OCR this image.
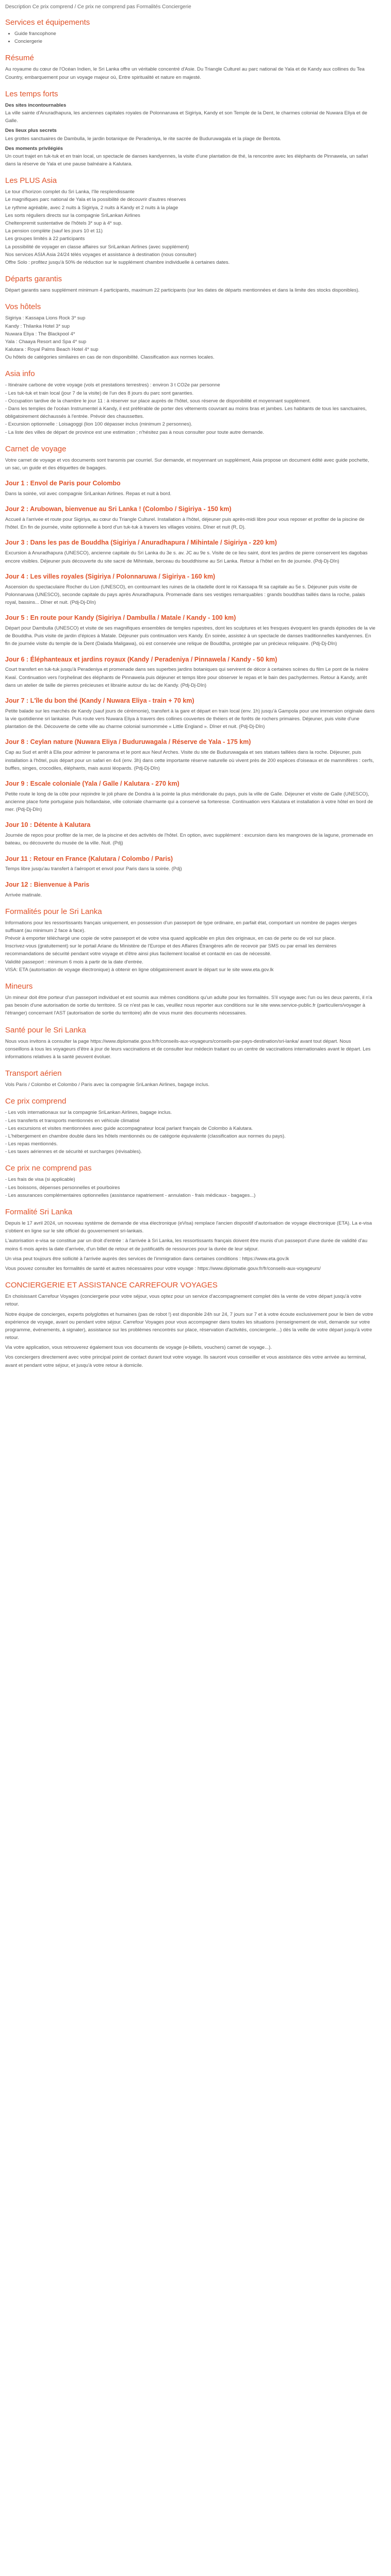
Description Ce prix comprend / Ce prix ne comprend pas Formalités Conciergerie
Services et équipements
• Guide francophone
• Conciergerie
Résumé

Au royaume du cœur de l'Océan Indien, le Sri Lanka offre un véritable concentré d'Asie. Du Triangle Culturel au parc national de Yala et de Kandy aux collines du Tea Country, embarquement pour un voyage majeur où, Entre spiritualité et nature en majesté.

Les temps forts

Des sites incontournables
La ville sainte d'Anuradhapura, les anciennes capitales royales de Polonnaruwa et Sigiriya, Kandy et son Temple de la Dent, le charmes colonial de Nuwara Eliya et de Galle.

Des lieux plus secrets
Les grottes sanctuaires de Dambulla, le jardin botanique de Peradeniya, le rite sacrée de Buduruwagala et la plage de Bentota.

Des moments privilégiés
Un court trajet en tuk-tuk et en train local, un spectacle de danses kandyennes, la visite d'une plantation de thé, la rencontre avec les éléphants de Pinnawela, un safari dans la réserve de Yala et une pause balnéaire à Kalutara.

Les PLUS Asia

Le tour d'horizon complet du Sri Lanka, l'île resplendissante

Le magnifiques parc national de Yala et la possibilité de découvrir d'autres réserves

Le rythme agréable, avec 2 nuits à Sigiriya, 2 nuits à Kandy et 2 nuits à la plage

Les sorts réguliers directs sur la compagnie SriLankan Airlines

Cheltenpremit sustentative de l'hôtels 3* sup à 4* sup.

La pension complète (sauf les jours 10 et 11)

Les groupes limités à 22 participants

La possibilité de voyager en classe affaires sur SriLankan Airlines (avec supplément)

Nos services ASIA Asia 24/24 télés voyages et assistance à destination (nous consulter)

Offre Solo : profitez jusqu'à 50% de réduction sur le supplément chambre individuelle à certaines dates.

Départs garantis

Départ garantis sans supplément minimum 4 participants, maximum 22 participants (sur les dates de départs mentionnées et dans la limite des stocks disponibles).

Vos hôtels

Sigiriya : Kassapa Lions Rock 3* sup

Kandy : Thilanka Hotel 3* sup

Nuwara Eliya : The Blackpool 4*

Yala : Chaaya Resort and Spa 4* sup

Kalutara : Royal Palms Beach Hotel 4* sup

Ou hôtels de catégories similaires en cas de non disponibilité. Classification aux normes locales.

Asia info

- Itinéraire carbone de votre voyage (vols et prestations terrestres) : environ 3 t CO2e par personne

- Les tuk-tuk et train local (jour 7 de la visite) de l'un des 8 jours du parc sont garanties.

- Occupation tardive de la chambre le jour 11 : à réserver sur place auprès de l'hôtel, sous réserve de disponibilité et moyennant supplément.

- Dans les temples de l'océan Instrumentel à Kandy, il est préférable de porter des vêtements couvrant au moins bras et jambes. Les habitants de tous les sanctuaires, obligatoirement déchaussés à l'entrée. Prévoir des chaussettes.

- Excursion optionnelle : Loisagoggi (lion 100 dépasser inclus (minimum 2 personnes).

- La liste des villes de départ de province est une estimation ; n'hésitez pas à nous consulter pour toute autre demande.

Carnet de voyage

Votre carnet de voyage et vos documents sont transmis par courriel. Sur demande, et moyennant un supplément, Asia propose un document édité avec guide pochette, un sac, un guide et des étiquettes de bagages.

Jour 1 : Envol de Paris pour Colombo

Dans la soirée, vol avec compagnie SriLankan Airlines. Repas et nuit à bord.

Jour 2 : Arubowan, bienvenue au Sri Lanka ! (Colombo / Sigiriya - 150 km)

Accueil à l'arrivée et route pour Sigiriya, au cœur du Triangle Culturel. Installation à l'hôtel, déjeuner puis après-midi libre pour vous reposer et profiter de la piscine de l'hôtel. En fin de journée, visite optionnelle à bord d'un tuk-tuk à travers les villages voisins. Dîner et nuit (R, D).

Jour 3 : Dans les pas de Bouddha (Sigiriya / Anuradhapura / Mihintale / Sigiriya - 220 km)

Excursion à Anuradhapura (UNESCO), ancienne capitale du Sri Lanka du 3e s. av. JC au 9e s. Visite de ce lieu saint, dont les jardins de pierre conservent les dagobas encore visibles. Déjeuner puis découverte du site sacré de Mihintale, berceau du bouddhisme au Sri Lanka. Retour à l'hôtel en fin de journée. (Pdj-Dj-Dîn)

Jour 4 : Les villes royales (Sigiriya / Polonnaruwa / Sigiriya - 160 km)

Ascension du spectaculaire Rocher du Lion (UNESCO), en contournant les ruines de la citadelle dont le roi Kassapa fit sa capitale au 5e s. Déjeuner puis visite de Polonnaruwa (UNESCO), seconde capitale du pays après Anuradhapura. Promenade dans ses vestiges remarquables : grands bouddhas taillés dans la roche, palais royal, bassins... Dîner et nuit. (Pdj-Dj-Dîn)

Jour 5 : En route pour Kandy (Sigiriya / Dambulla / Matale / Kandy - 100 km)

Départ pour Dambulla (UNESCO) et visite de ses magnifiques ensembles de temples rupestres, dont les sculptures et les fresques évoquent les grands épisodes de la vie de Bouddha. Puis visite de jardin d'épices à Matale. Déjeuner puis continuation vers Kandy. En soirée, assistez à un spectacle de danses traditionnelles kandyennes. En fin de journée visite du temple de la Dent (Dalada Maligawa), où est conservée une relique de Bouddha, protégée par un précieux reliquaire. (Pdj-Dj-Dîn)

Jour 6 : Éléphanteaux et jardins royaux (Kandy / Peradeniya / Pinnawela / Kandy - 50 km)

Court transfert en tuk-tuk jusqu'à Peradeniya et promenade dans ses superbes jardins botaniques qui servirent de décor à certaines scènes du film Le pont de la rivière Kwaï. Continuation vers l'orphelinat des éléphants de Pinnawela puis déjeuner et temps libre pour observer le repas et le bain des pachydermes. Retour à Kandy, arrêt dans un atelier de taille de pierres précieuses et librairie autour du lac de Kandy. (Pdj-Dj-Dîn)

Jour 7 : L'île du bon thé (Kandy / Nuwara Eliya - train + 70 km)

Petite balade sur les marchés de Kandy (sauf jours de cérémonie), transfert à la gare et départ en train local (env. 1h) jusqu'à Gampola pour une immersion originale dans la vie quotidienne sri lankaise. Puis route vers Nuwara Eliya à travers des collines couvertes de théiers et de forêts de rochers primaires. Déjeuner, puis visite d'une plantation de thé. Découverte de cette ville au charme colonial surnommée « Little England ». Dîner et nuit. (Pdj-Dj-Dîn)

Jour 8 : Ceylan nature (Nuwara Eliya / Buduruwagala / Réserve de Yala - 175 km)

Cap au Sud et arrêt à Ella pour admirer le panorama et le pont aux Neuf Arches. Visite du site de Buduruwagala et ses statues taillées dans la roche. Déjeuner, puis installation à l'hôtel, puis départ pour un safari en 4x4 (env. 3h) dans cette importante réserve naturelle où vivent près de 200 espèces d'oiseaux et de mammifères : cerfs, buffles, singes, crocodiles, éléphants, mais aussi léopards. (Pdj-Dj-Dîn)

Jour 9 : Escale coloniale (Yala / Galle / Kalutara - 270 km)

Petite route le long de la côte pour rejoindre le joli phare de Dondra à la pointe la plus méridionale du pays, puis la ville de Galle. Déjeuner et visite de Galle (UNESCO), ancienne place forte portugaise puis hollandaise, ville coloniale charmante qui a conservé sa forteresse. Continuation vers Kalutara et installation à votre hôtel en bord de mer. (Pdj-Dj-Dîn)

Jour 10 : Détente à Kalutara

Journée de repos pour profiter de la mer, de la piscine et des activités de l'hôtel. En option, avec supplément : excursion dans les mangroves de la lagune, promenade en bateau, ou découverte du musée de la ville. Nuit. (Pdj)

Jour 11 : Retour en France (Kalutara / Colombo / Paris)

Temps libre jusqu'au transfert à l'aéroport et envol pour Paris dans la soirée. (Pdj)

Jour 12 : Bienvenue à Paris

Arrivée matinale.

Formalités pour le Sri Lanka

Informations pour les ressortissants français uniquement, en possession d'un passeport de type ordinaire, en parfait état, comportant un nombre de pages vierges suffisant (au minimum 2 face à face).

Prévoir à emporter téléchargé une copie de votre passeport et de votre visa quand applicable en plus des originaux, en cas de perte ou de vol sur place.

Inscrivez-vous (gratuitement) sur le portail Ariane du Ministère de l'Europe et des Affaires Étrangères afin de recevoir par SMS ou par email les dernières recommandations de sécurité pendant votre voyage et d'être ainsi plus facilement localisé et contacté en cas de nécessité.

Validité passeport : minimum 6 mois à partir de la date d'entrée.

VISA: ETA (autorisation de voyage électronique) à obtenir en ligne obligatoirement avant le départ sur le site www.eta.gov.lk

Mineurs

Un mineur doit être porteur d'un passeport individuel et est soumis aux mêmes conditions qu'un adulte pour les formalités. S'il voyage avec l'un ou les deux parents, il n'a pas besoin d'une autorisation de sortie du territoire. Si ce n'est pas le cas, veuillez nous reporter aux conditions sur le site www.service-public.fr (particuliers/voyager à l'étranger) concernant l'AST (autorisation de sortie du territoire) afin de vous munir des documents nécessaires.

Santé pour le Sri Lanka

Nous vous invitons à consulter la page https://www.diplomatie.gouv.fr/fr/conseils-aux-voyageurs/conseils-par-pays-destination/sri-lanka/ avant tout départ. Nous conseillons à tous les voyageurs d'être à jour de leurs vaccinations et de consulter leur médecin traitant ou un centre de vaccinations internationales avant le départ. Les informations relatives à la santé peuvent évoluer.

Transport aérien

Vols Paris / Colombo et Colombo / Paris avec la compagnie SriLankan Airlines, bagage inclus.

Ce prix comprend

- Les vols internationaux sur la compagnie SriLankan Airlines, bagage inclus.

- Les transferts et transports mentionnés en véhicule climatisé

- Les excursions et visites mentionnées avec guide accompagnateur local parlant français de Colombo à Kalutara.

- L'hébergement en chambre double dans les hôtels mentionnés ou de catégorie équivalente (classification aux normes du pays).

- Les repas mentionnés.

- Les taxes aériennes et de sécurité et surcharges (révisables).

Ce prix ne comprend pas

- Les frais de visa (si applicable)

- Les boissons, dépenses personnelles et pourboires

- Les assurances complémentaires optionnelles (assistance rapatriement - annulation - frais médicaux - bagages...)

Formalité Sri Lanka

Depuis le 17 avril 2024, un nouveau système de demande de visa électronique (eVisa) remplace l'ancien dispositif d'autorisation de voyage électronique (ETA). La e-visa s'obtient en ligne sur le site officiel du gouvernement sri-lankais.

L'autorisation e-visa se constitue par un droit d'entrée : à l'arrivée à Sri Lanka, les ressortissants français doivent être munis d'un passeport d'une durée de validité d'au moins 6 mois après la date d'arrivée, d'un billet de retour et de justificatifs de ressources pour la durée de leur séjour.

Un visa peut toujours être sollicité à l'arrivée auprès des services de l'immigration dans certaines conditions : https://www.eta.gov.lk

Vous pouvez consulter les formalités de santé et autres nécessaires pour votre voyage : https://www.diplomatie.gouv.fr/fr/conseils-aux-voyageurs/

CONCIERGERIE ET ASSISTANCE CARREFOUR VOYAGES

En choisissant Carrefour Voyages (conciergerie pour votre séjour, vous optez pour un service d'accompagnement complet dès la vente de votre départ jusqu'à votre retour.

Notre équipe de concierges, experts polyglottes et humaines (pas de robot !) est disponible 24h sur 24, 7 jours sur 7 et à votre écoute exclusivement pour le bien de votre expérience de voyage, avant ou pendant votre séjour. Carrefour Voyages pour vous accompagner dans toutes les situations (renseignement de visit, demande sur votre programme, événements, à signaler), assistance sur les problèmes rencontrés sur place, réservation d'activités, conciergerie...) dès la veille de votre départ jusqu'à votre retour.

Via votre application, vous retrouverez également tous vos documents de voyage (e-billets, vouchers) carnet de voyage...).

Vos conciergers directement avec votre principal point de contact durant tout votre voyage. Ils sauront vous conseiller et vous assistance dès votre arrivée au terminal, avant et pendant votre séjour, et jusqu'à votre retour à domicile.
